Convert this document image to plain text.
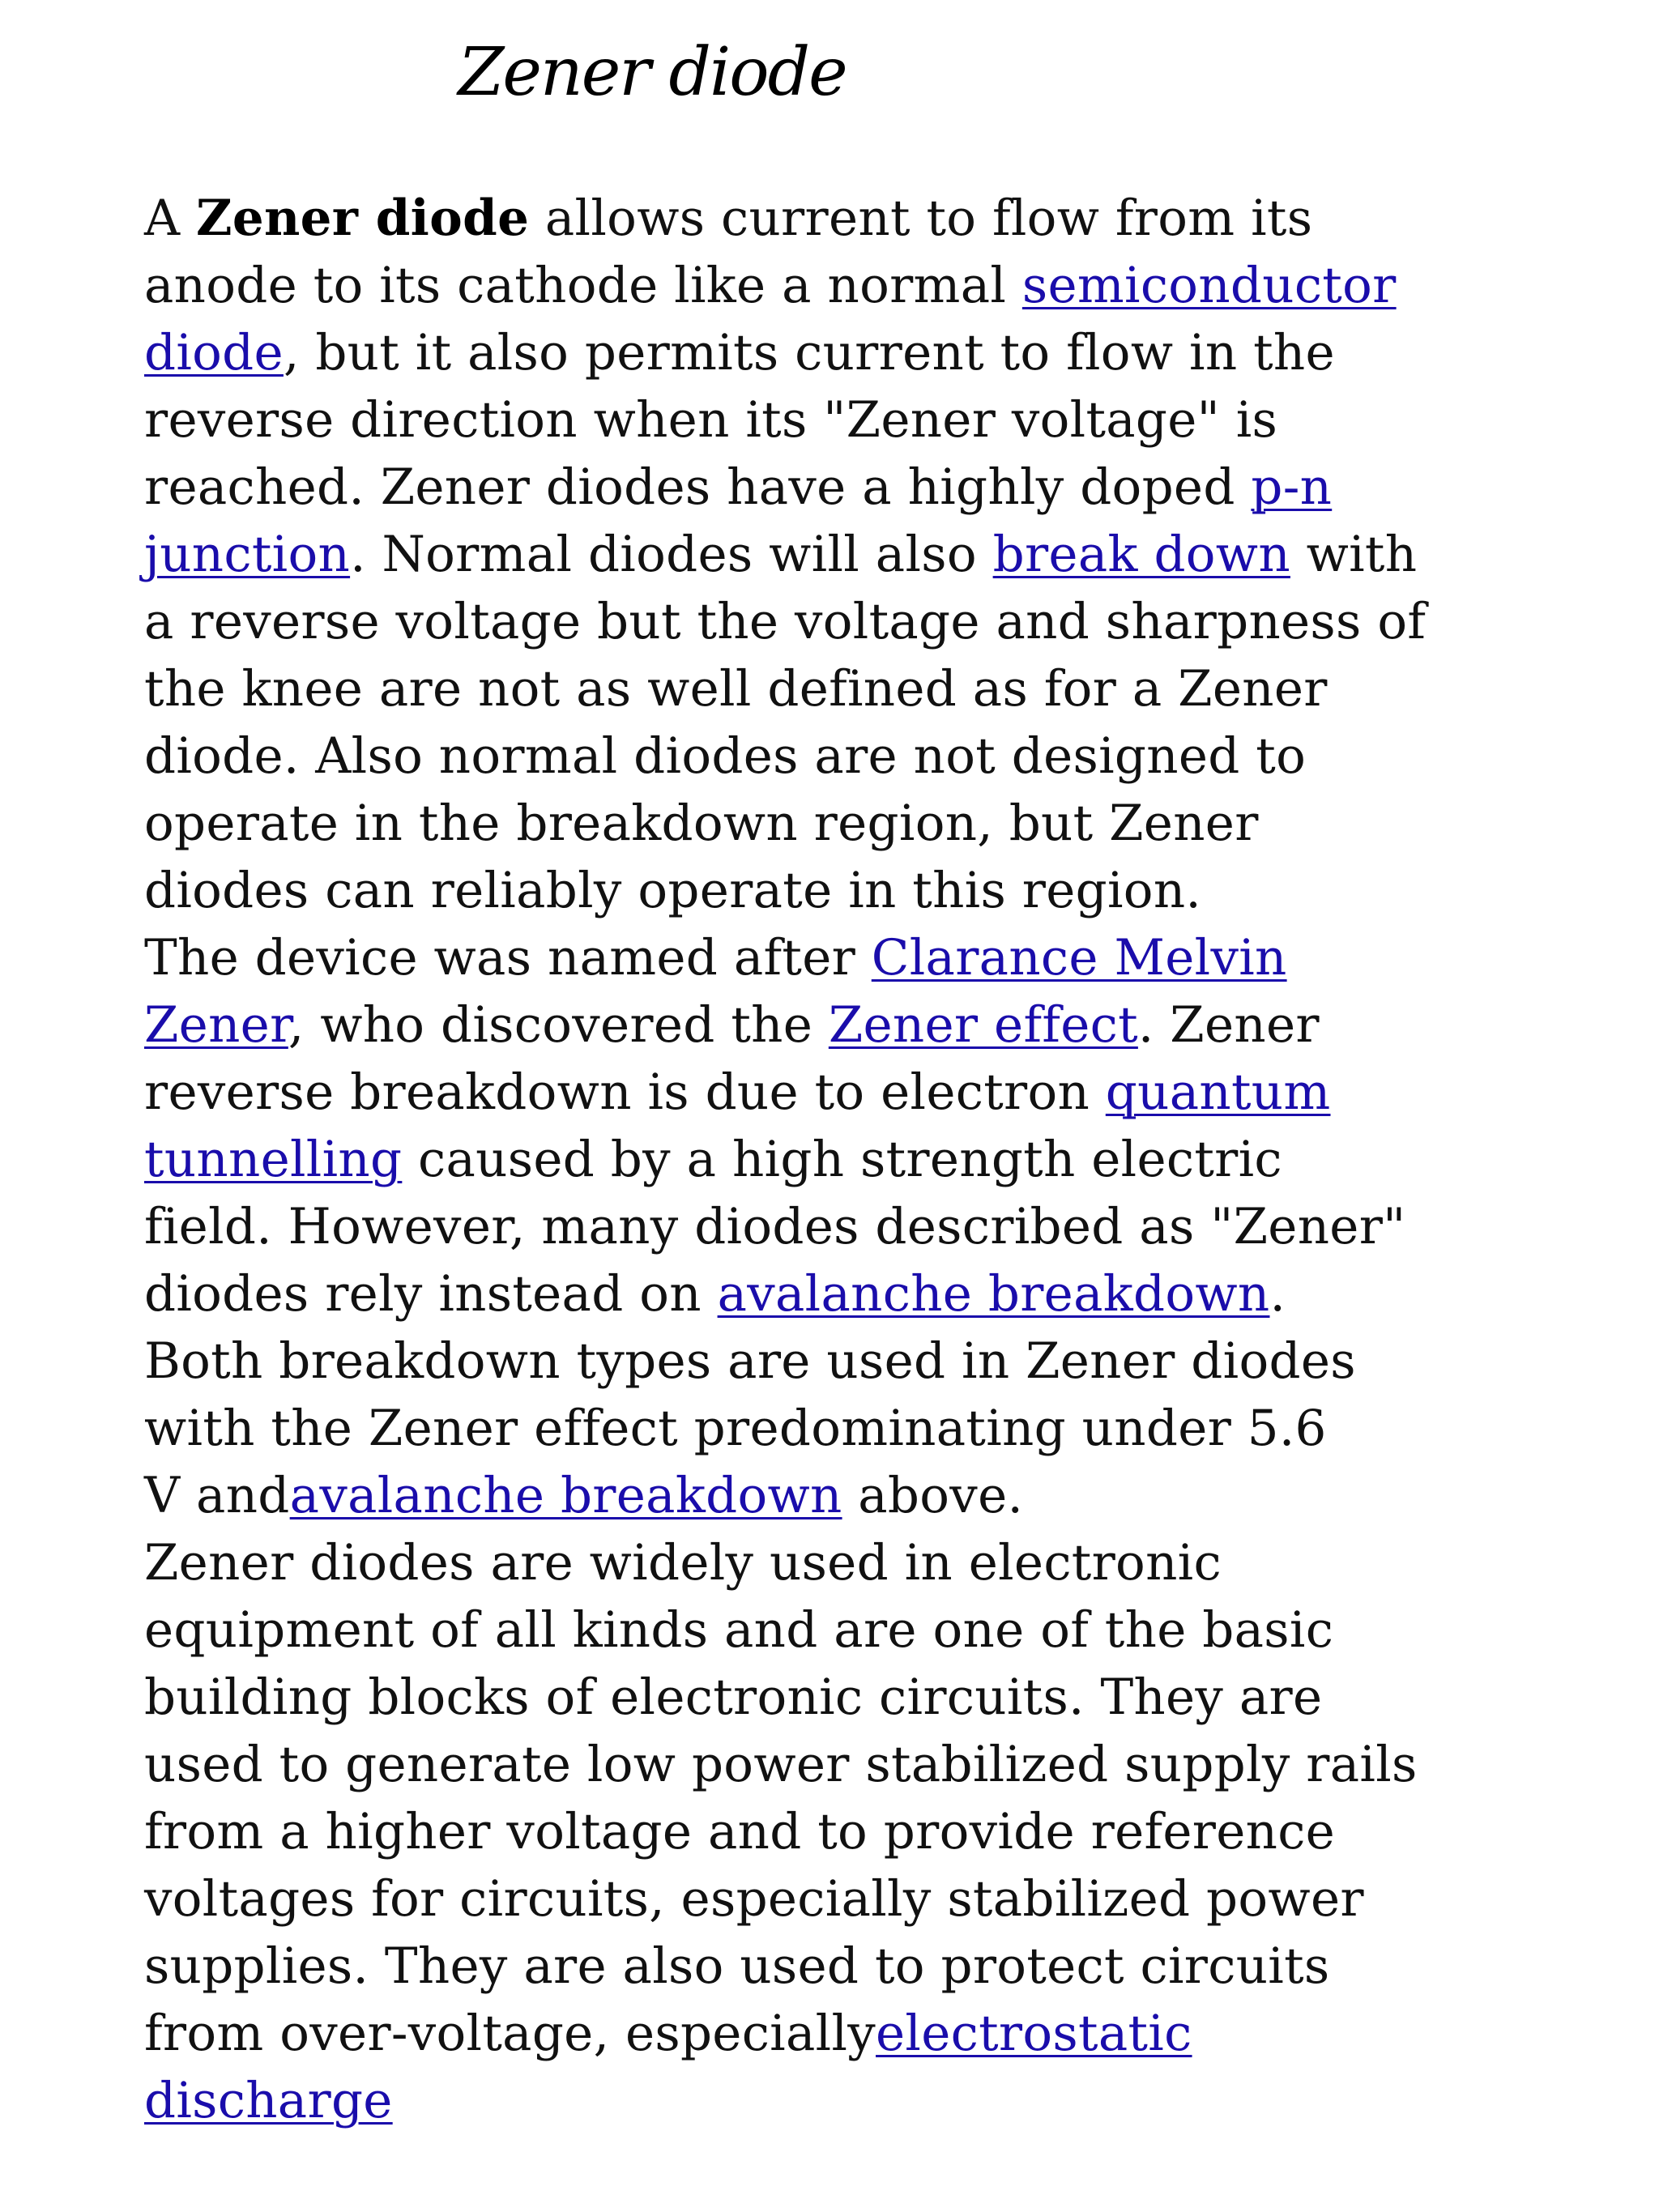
Zener diode
A Zener diode allows current to flow from its
anode to its cathode like a normal semiconductor
diode, but it also permits current to flow in the
reverse direction when its "Zener voltage" is
reached. Zener diodes have a highly doped p-n
junction. Normal diodes will also break down with
a reverse voltage but the voltage and sharpness of
the knee are not as well defined as for a Zener
diode. Also normal diodes are not designed to
operate in the breakdown region, but Zener
diodes can reliably operate in this region.
The device was named after Clarance Melvin
Zener, who discovered the Zener effect. Zener
reverse breakdown is due to electron quantum
tunnelling caused by a high strength electric
field. However, many diodes described as "Zener"
diodes rely instead on avalanche breakdown.
Both breakdown types are used in Zener diodes
with the Zener effect predominating under 5.6
V andavalanche breakdown above.
Zener diodes are widely used in electronic
equipment of all kinds and are one of the basic
building blocks of electronic circuits. They are
used to generate low power stabilized supply rails
from a higher voltage and to provide reference
voltages for circuits, especially stabilized power
supplies. They are also used to protect circuits
from over-voltage, especiallyelectrostatic
discharge
